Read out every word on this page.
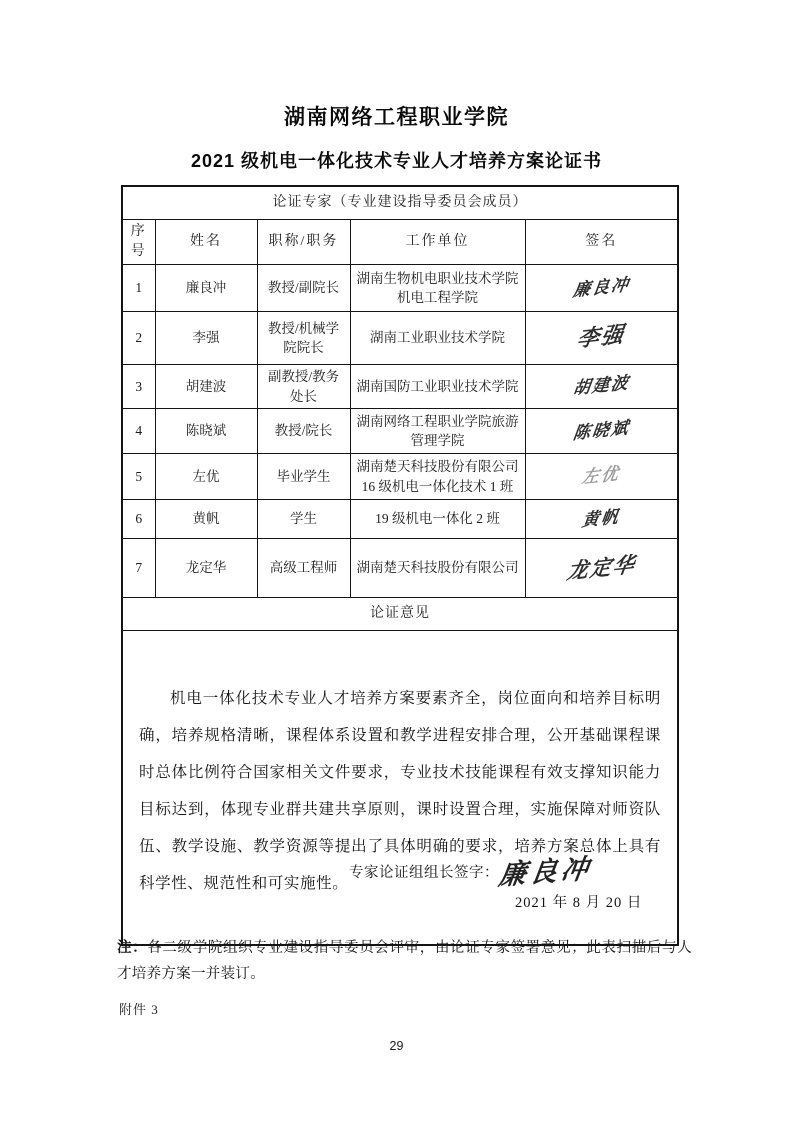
湖南网络工程职业学院
2021 级机电一体化技术专业人才培养方案论证书
论证专家（专业建设指导委员会成员）				
序号	姓名	职称/职务	工作单位	签名
1	廉良冲	教授/副院长	湖南生物机电职业技术学院机电工程学院	廉良冲
2	李强	教授/机械学院院长	湖南工业职业技术学院	李强
3	胡建波	副教授/教务处长	湖南国防工业职业技术学院	胡建波
4	陈晓斌	教授/院长	湖南网络工程职业学院旅游管理学院	陈晓斌
5	左优	毕业学生	湖南楚天科技股份有限公司16 级机电一体化技术 1 班	左优
6	黄帆	学生	19 级机电一体化 2 班	黄帆
7	龙定华	高级工程师	湖南楚天科技股份有限公司	龙定华
论证意见				

机电一体化技术专业人才培养方案要素齐全，岗位面向和培养目标明确，培养规格清晰，课程体系设置和教学进程安排合理，公开基础课程课时总体比例符合国家相关文件要求，专业技术技能课程有效支撑知识能力目标达到，体现专业群共建共享原则，课时设置合理，实施保障对师资队伍、教学设施、教学资源等提出了具体明确的要求，培养方案总体上具有科学性、规范性和可实施性。

专家论证组组长签字：廉良冲
2021 年 8 月 20 日				

注：各二级学院组织专业建设指导委员会评审，由论证专家签署意见；此表扫描后与人才培养方案一并装订。

附件 3

29
